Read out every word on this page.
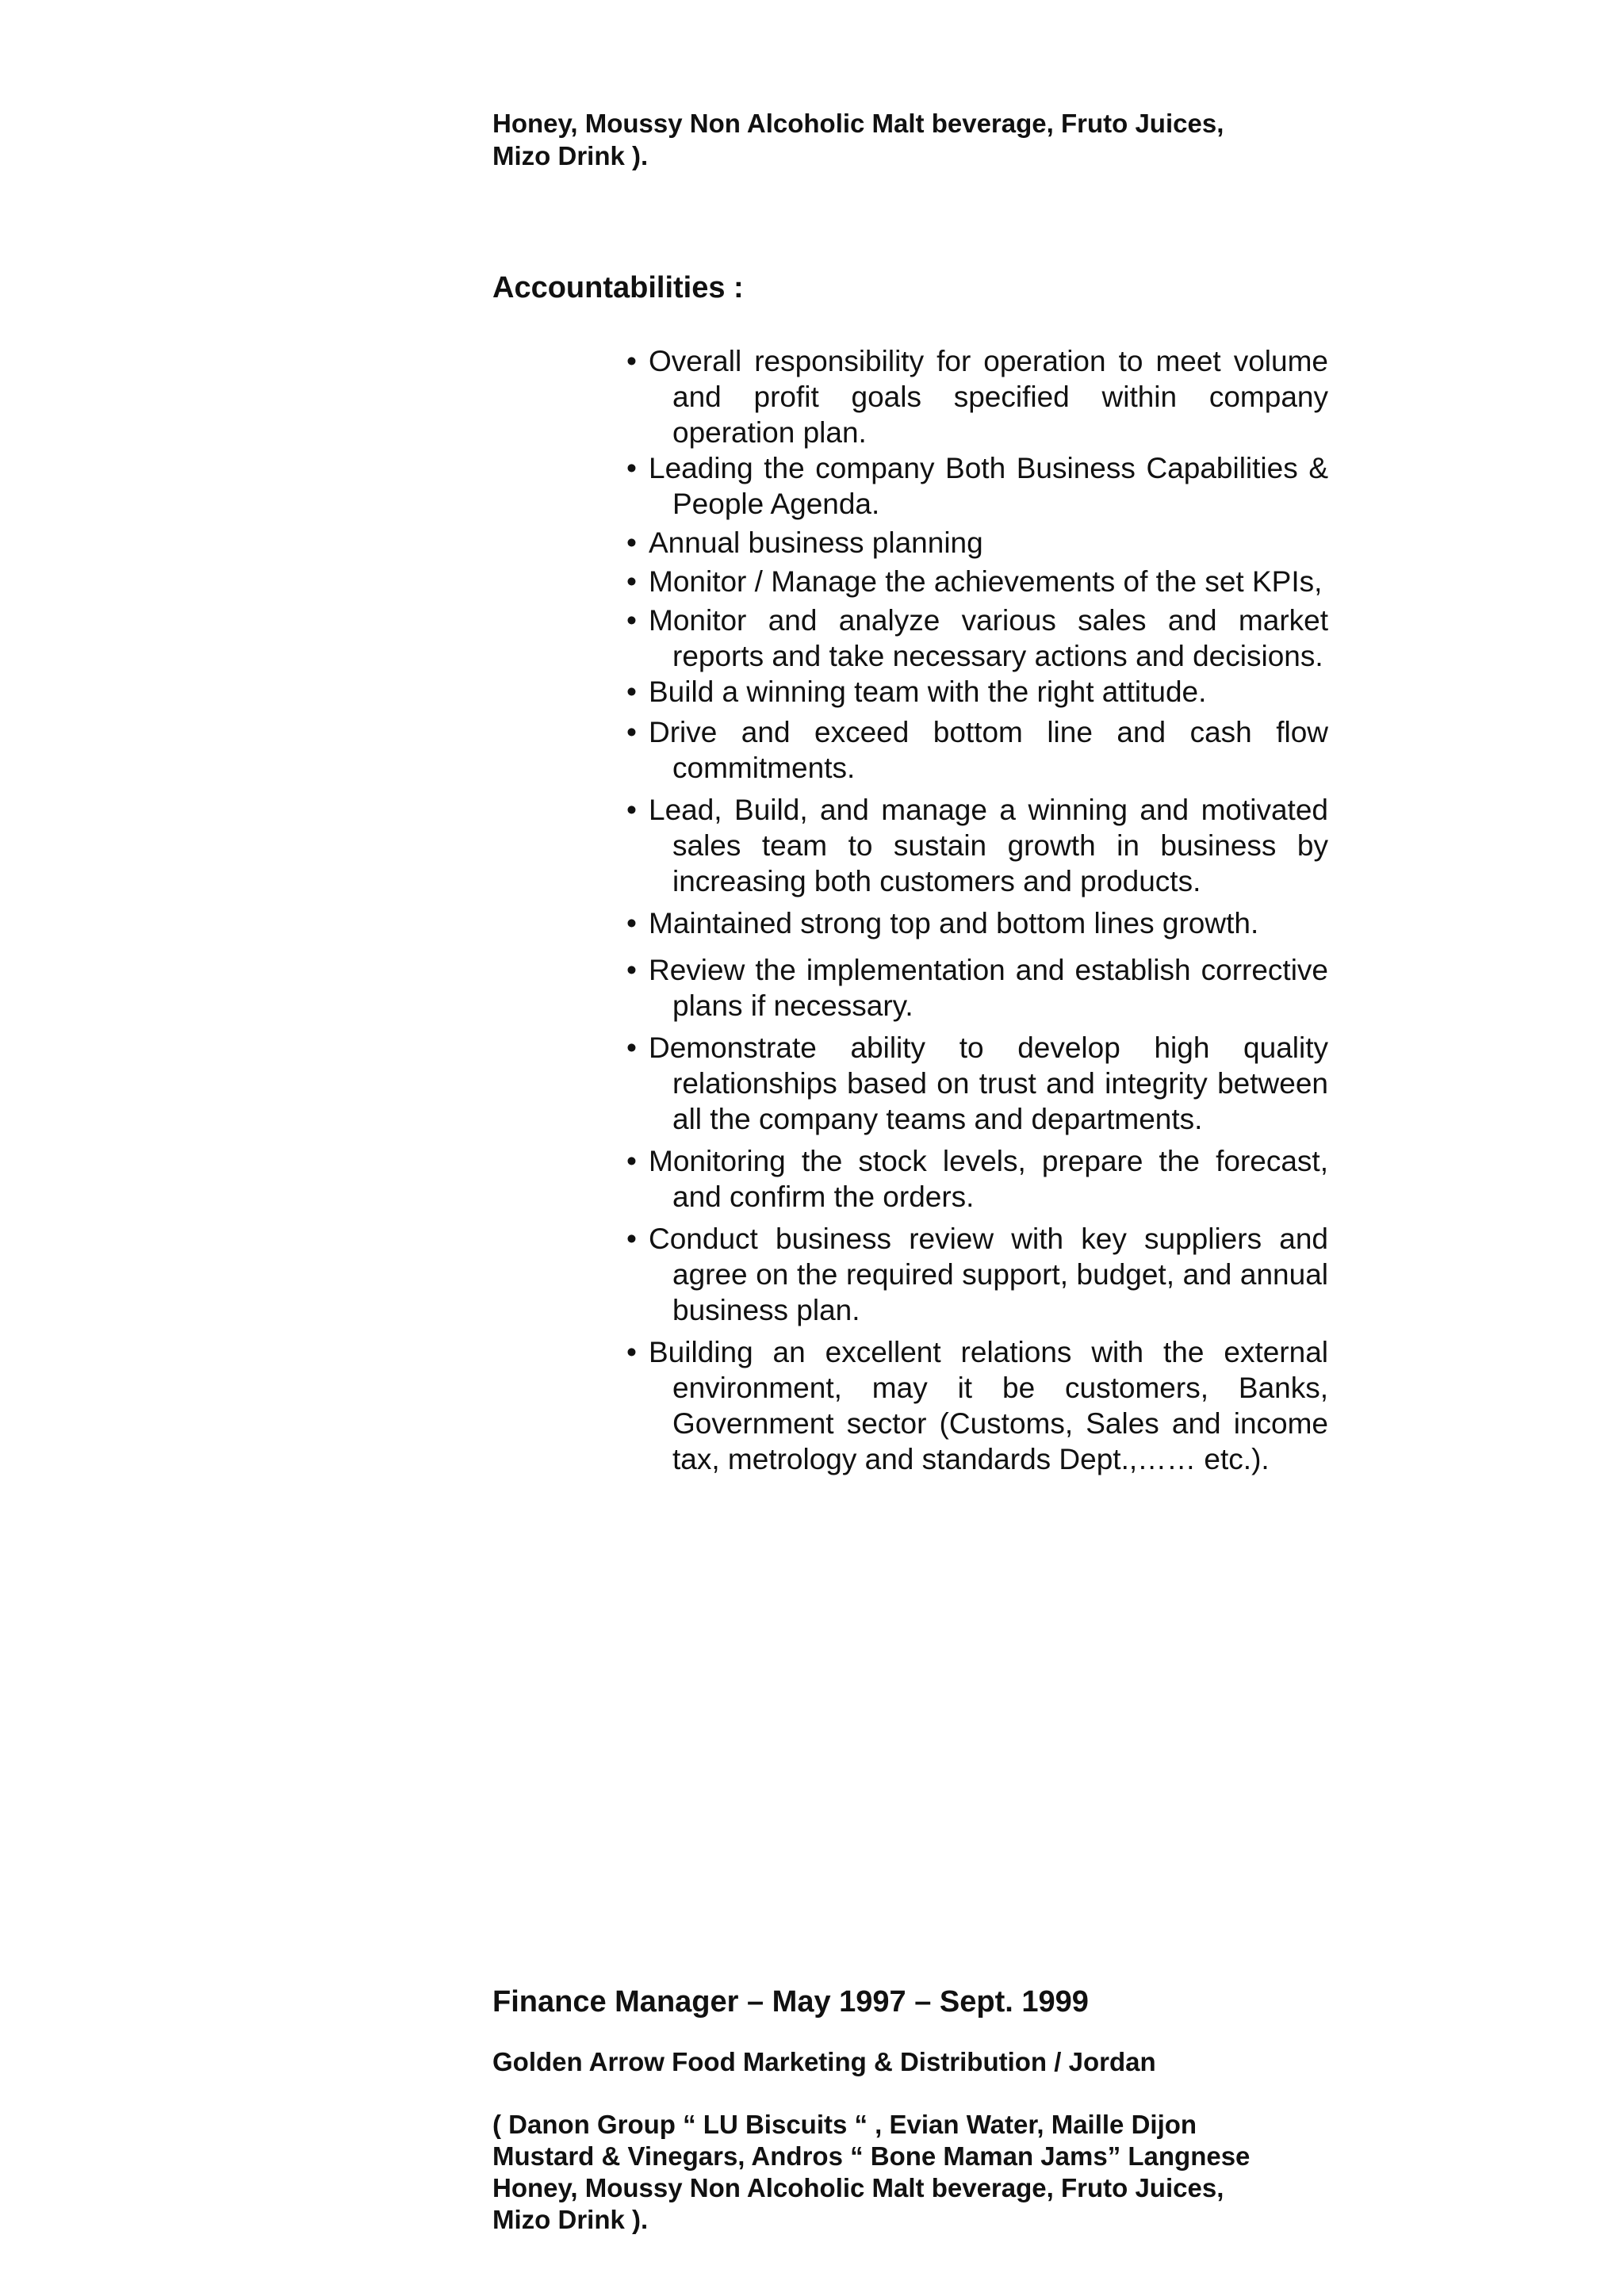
Honey, Moussy Non Alcoholic Malt beverage, Fruto Juices,
Mizo Drink ).
Accountabilities :
• Overall responsibility for operation to meet volume and profit goals specified within company operation plan.
• Leading the company Both Business Capabilities & People Agenda.
• Annual business planning
• Monitor / Manage the achievements of the set KPIs,
• Monitor and analyze various sales and market reports and take necessary actions and decisions.
• Build a winning team with the right attitude.
• Drive and exceed bottom line and cash flow commitments.
• Lead, Build, and manage a winning and motivated sales team to sustain growth in business by increasing both customers and products.
• Maintained strong top and bottom lines growth.
• Review the implementation and establish corrective plans if necessary.
• Demonstrate ability to develop high quality relationships based on trust and integrity between all the company teams and departments.
• Monitoring the stock levels, prepare the forecast, and confirm the orders.
• Conduct business review with key suppliers and agree on the required support, budget, and annual business plan.
• Building an excellent relations with the external environment, may it be customers, Banks, Government sector (Customs, Sales and income tax, metrology and standards Dept.,…… etc.).
Finance Manager – May 1997 – Sept. 1999
Golden Arrow Food Marketing & Distribution / Jordan
( Danon Group “ LU Biscuits “ , Evian Water, Maille Dijon
Mustard & Vinegars, Andros “ Bone Maman Jams” Langnese
Honey, Moussy Non Alcoholic Malt beverage, Fruto Juices,
Mizo Drink ).
